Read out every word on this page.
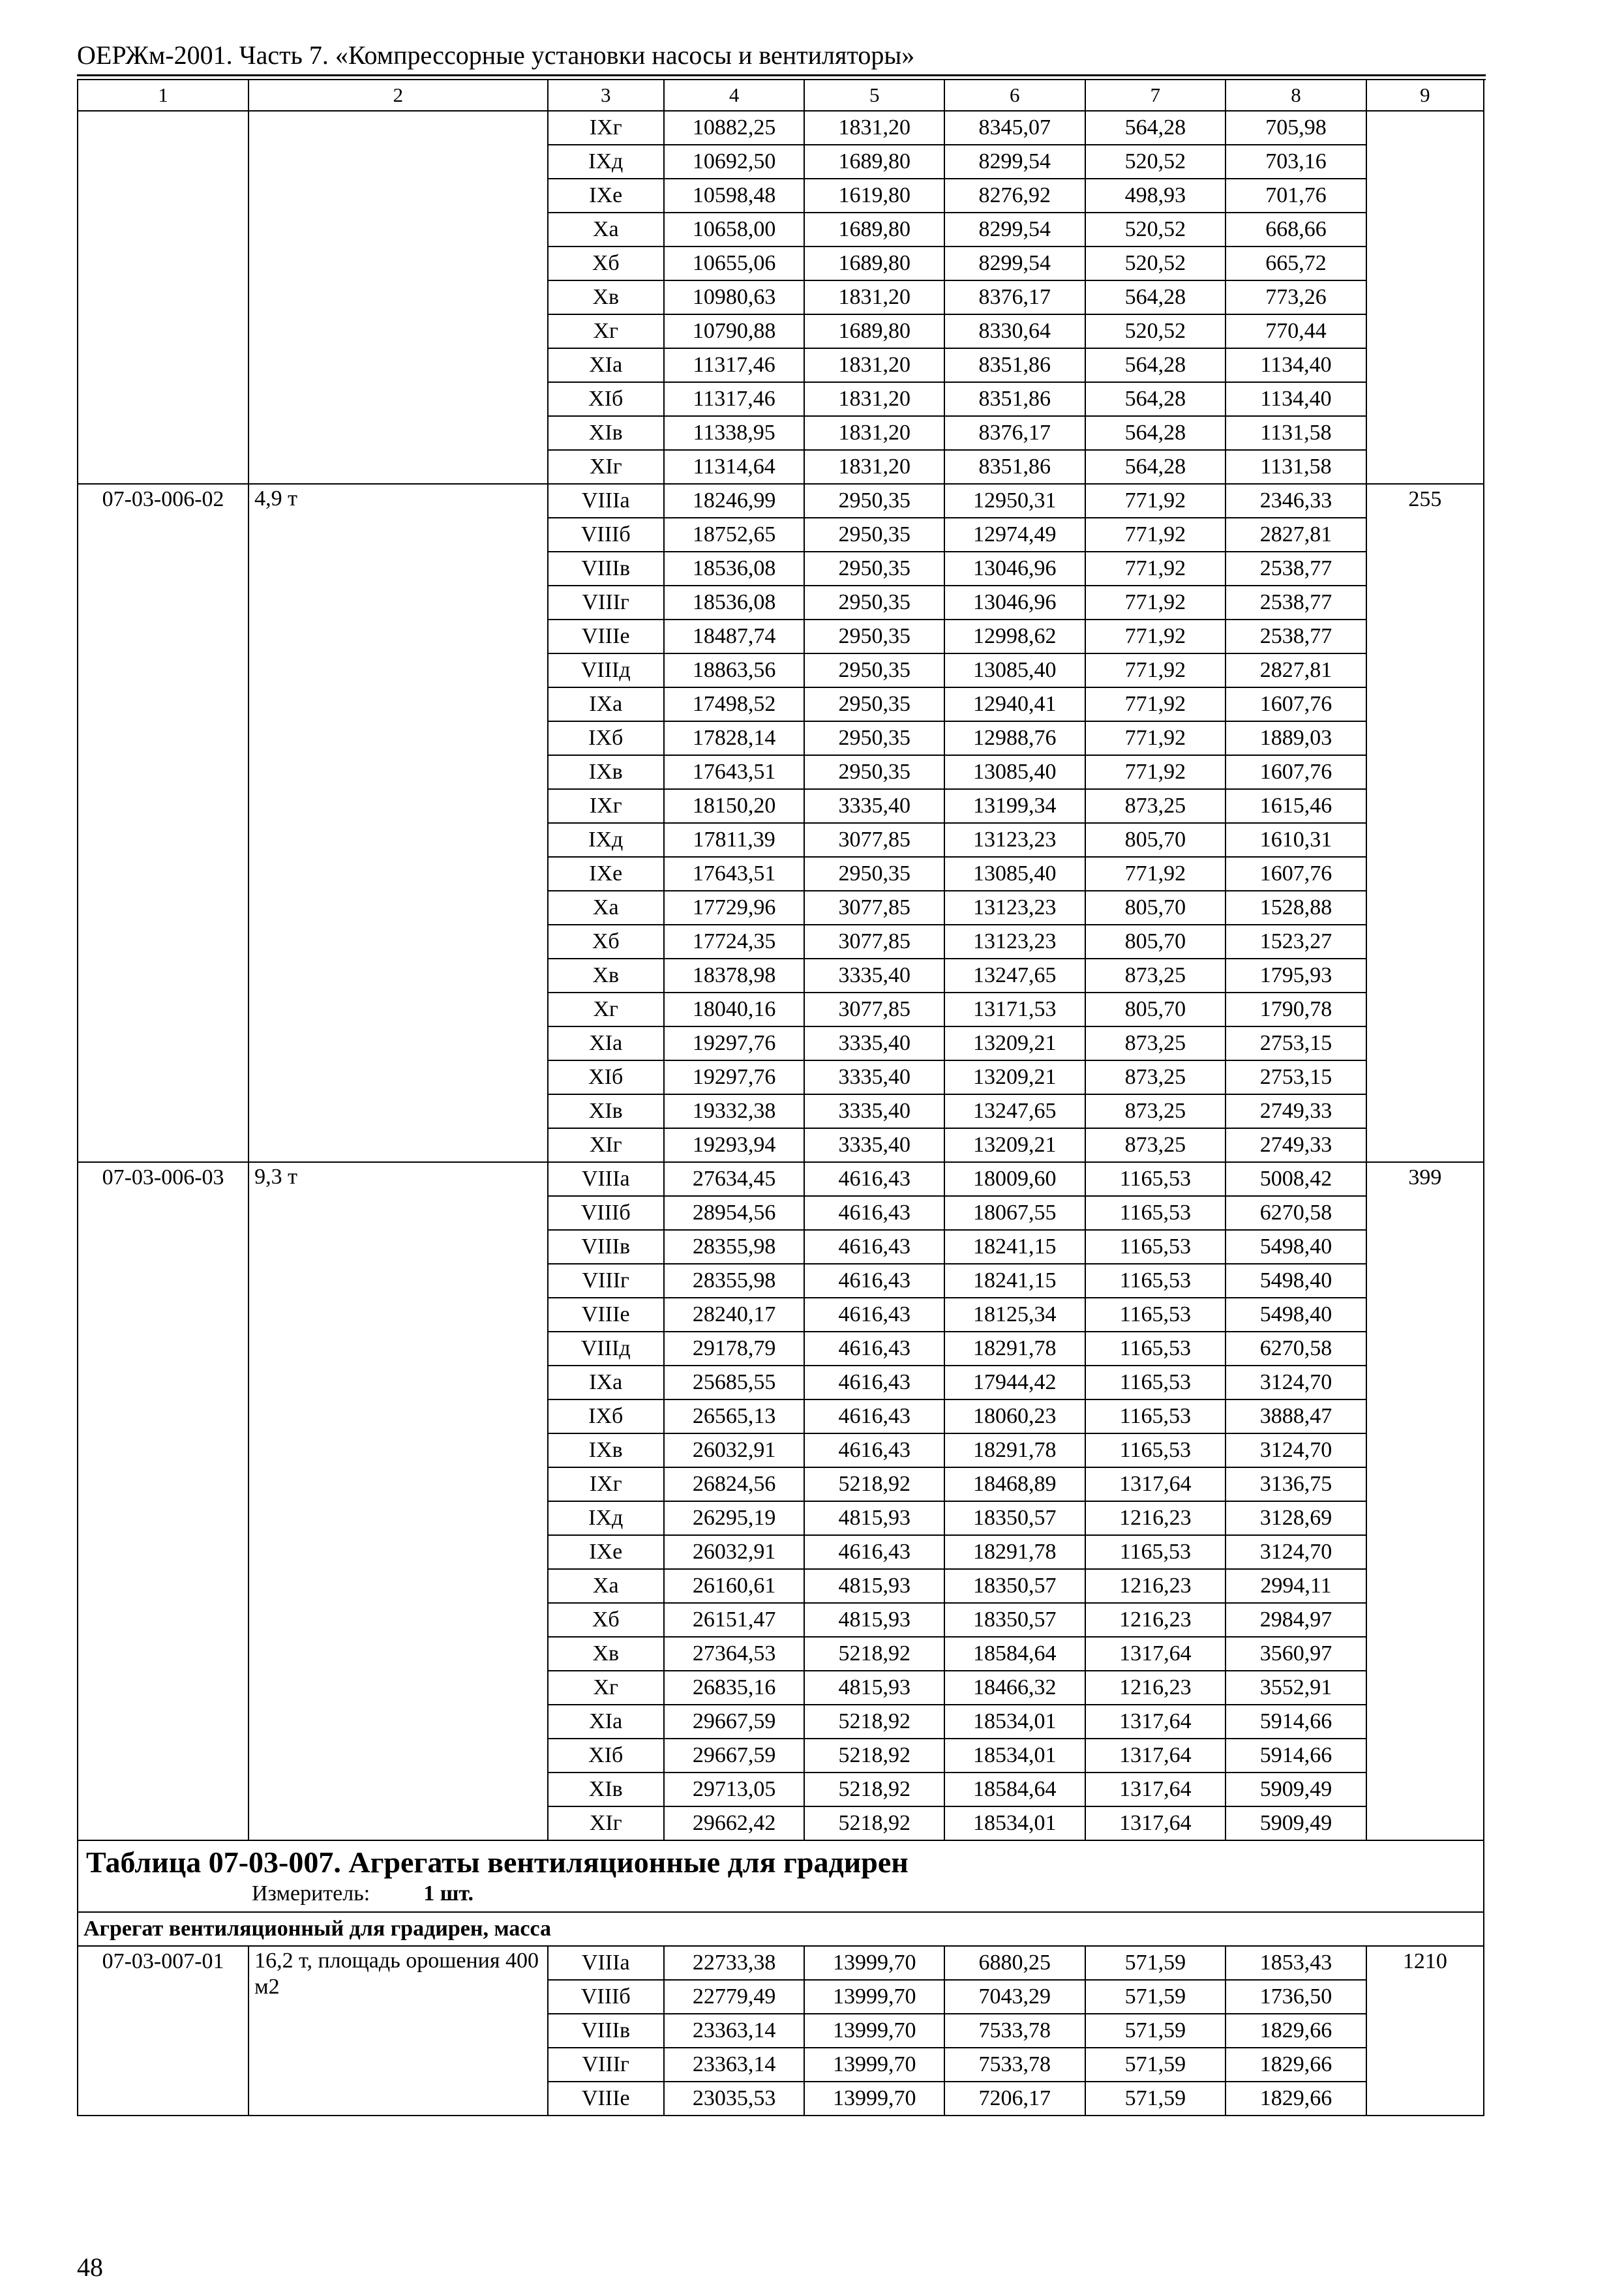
ОЕРЖм-2001. Часть 7. «Компрессорные установки насосы и вентиляторы»
1	2	3	4	5	6	7	8	9
		IXг	10882,25	1831,20	8345,07	564,28	705,98	
		IXд	10692,50	1689,80	8299,54	520,52	703,16	
		IXе	10598,48	1619,80	8276,92	498,93	701,76	
		Xа	10658,00	1689,80	8299,54	520,52	668,66	
		Xб	10655,06	1689,80	8299,54	520,52	665,72	
		Xв	10980,63	1831,20	8376,17	564,28	773,26	
		Xг	10790,88	1689,80	8330,64	520,52	770,44	
		XIа	11317,46	1831,20	8351,86	564,28	1134,40	
		XIб	11317,46	1831,20	8351,86	564,28	1134,40	
		XIв	11338,95	1831,20	8376,17	564,28	1131,58	
		XIг	11314,64	1831,20	8351,86	564,28	1131,58	
07-03-006-02	4,9 т	VIIIа	18246,99	2950,35	12950,31	771,92	2346,33	255
		VIIIб	18752,65	2950,35	12974,49	771,92	2827,81	
		VIIIв	18536,08	2950,35	13046,96	771,92	2538,77	
		VIIIг	18536,08	2950,35	13046,96	771,92	2538,77	
		VIIIе	18487,74	2950,35	12998,62	771,92	2538,77	
		VIIIд	18863,56	2950,35	13085,40	771,92	2827,81	
		IXа	17498,52	2950,35	12940,41	771,92	1607,76	
		IXб	17828,14	2950,35	12988,76	771,92	1889,03	
		IXв	17643,51	2950,35	13085,40	771,92	1607,76	
		IXг	18150,20	3335,40	13199,34	873,25	1615,46	
		IXд	17811,39	3077,85	13123,23	805,70	1610,31	
		IXе	17643,51	2950,35	13085,40	771,92	1607,76	
		Xа	17729,96	3077,85	13123,23	805,70	1528,88	
		Xб	17724,35	3077,85	13123,23	805,70	1523,27	
		Xв	18378,98	3335,40	13247,65	873,25	1795,93	
		Xг	18040,16	3077,85	13171,53	805,70	1790,78	
		XIа	19297,76	3335,40	13209,21	873,25	2753,15	
		XIб	19297,76	3335,40	13209,21	873,25	2753,15	
		XIв	19332,38	3335,40	13247,65	873,25	2749,33	
		XIг	19293,94	3335,40	13209,21	873,25	2749,33	
07-03-006-03	9,3 т	VIIIа	27634,45	4616,43	18009,60	1165,53	5008,42	399
		VIIIб	28954,56	4616,43	18067,55	1165,53	6270,58	
		VIIIв	28355,98	4616,43	18241,15	1165,53	5498,40	
		VIIIг	28355,98	4616,43	18241,15	1165,53	5498,40	
		VIIIе	28240,17	4616,43	18125,34	1165,53	5498,40	
		VIIIд	29178,79	4616,43	18291,78	1165,53	6270,58	
		IXа	25685,55	4616,43	17944,42	1165,53	3124,70	
		IXб	26565,13	4616,43	18060,23	1165,53	3888,47	
		IXв	26032,91	4616,43	18291,78	1165,53	3124,70	
		IXг	26824,56	5218,92	18468,89	1317,64	3136,75	
		IXд	26295,19	4815,93	18350,57	1216,23	3128,69	
		IXе	26032,91	4616,43	18291,78	1165,53	3124,70	
		Xа	26160,61	4815,93	18350,57	1216,23	2994,11	
		Xб	26151,47	4815,93	18350,57	1216,23	2984,97	
		Xв	27364,53	5218,92	18584,64	1317,64	3560,97	
		Xг	26835,16	4815,93	18466,32	1216,23	3552,91	
		XIа	29667,59	5218,92	18534,01	1317,64	5914,66	
		XIб	29667,59	5218,92	18534,01	1317,64	5914,66	
		XIв	29713,05	5218,92	18584,64	1317,64	5909,49	
		XIг	29662,42	5218,92	18534,01	1317,64	5909,49	

Таблица 07-03-007. Агрегаты вентиляционные для градирен
Измеритель: 1 шт.								

Агрегат вентиляционный для градирен, масса								
07-03-007-01	16,2 т, площадь орошения 400 м2	VIIIа	22733,38	13999,70	6880,25	571,59	1853,43	1210
		VIIIб	22779,49	13999,70	7043,29	571,59	1736,50	
		VIIIв	23363,14	13999,70	7533,78	571,59	1829,66	
		VIIIг	23363,14	13999,70	7533,78	571,59	1829,66	
		VIIIе	23035,53	13999,70	7206,17	571,59	1829,66	
48
